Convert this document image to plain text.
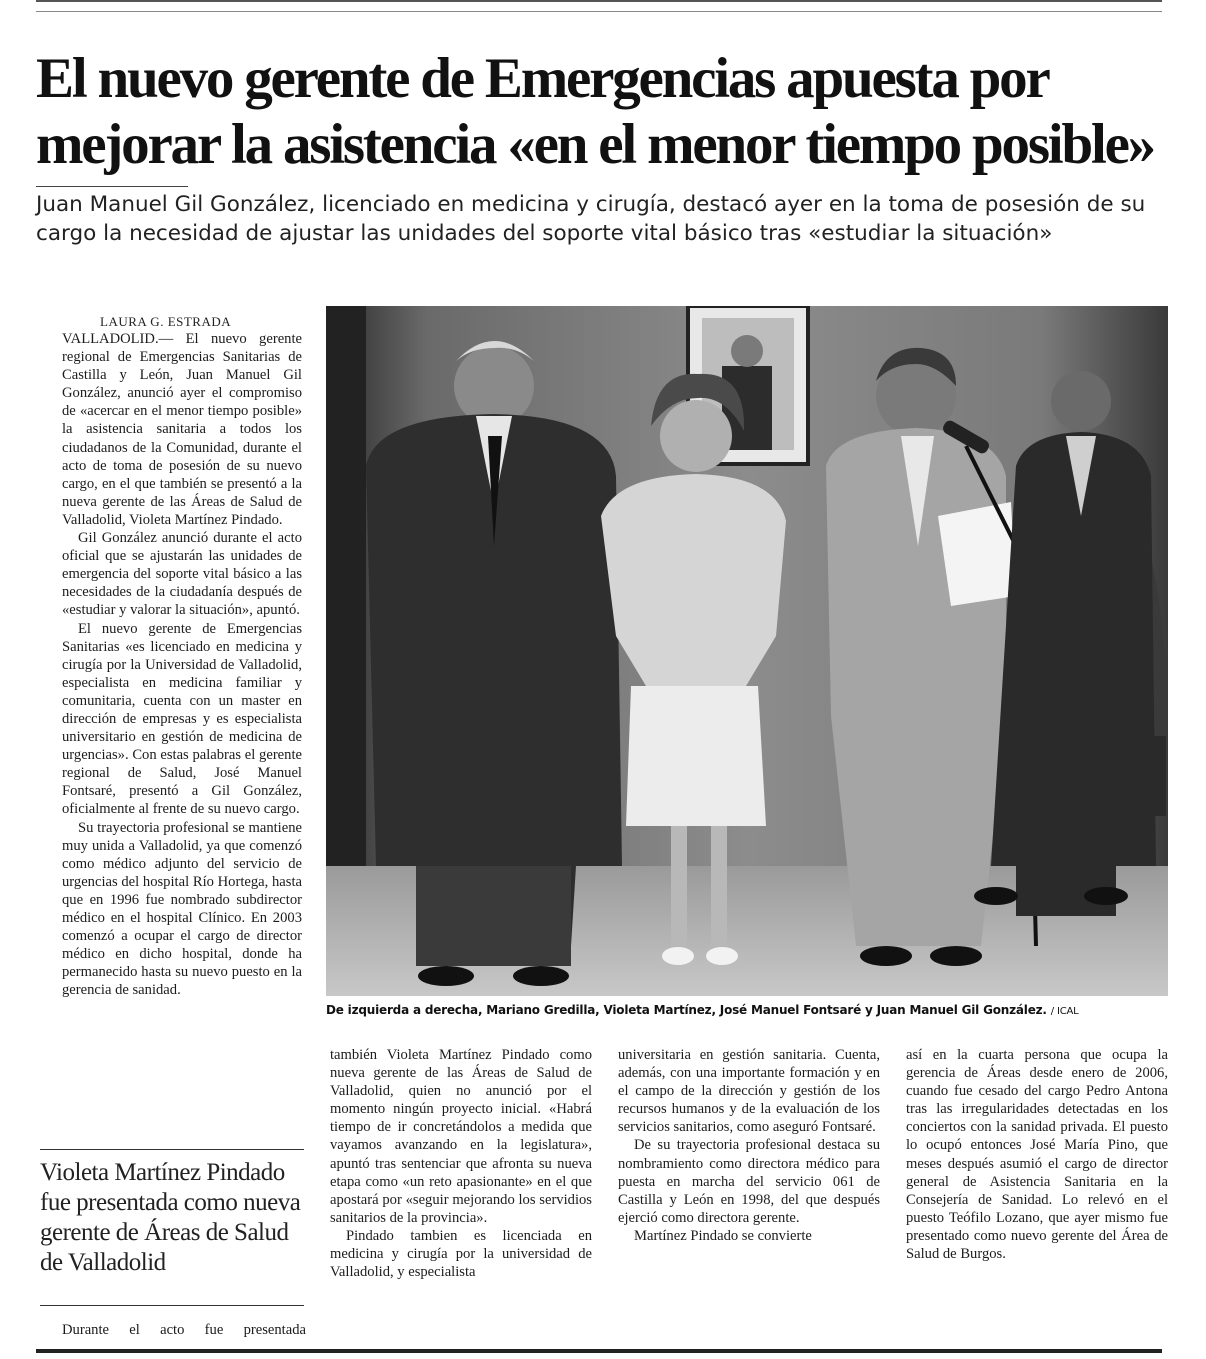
El nuevo gerente de Emergencias apuesta por mejorar la asistencia «en el menor tiempo posible»

Juan Manuel Gil González, licenciado en medicina y cirugía, destacó ayer en la toma de posesión de su cargo la necesidad de ajustar las unidades del soporte vital básico tras «estudiar la situación»

De izquierda a derecha, Mariano Gredilla, Violeta Martínez, José Manuel Fontsaré y Juan Manuel Gil González. / ICAL

LAURA G. ESTRADA

VALLADOLID.— El nuevo gerente regional de Emergencias Sanitarias de Castilla y León, Juan Manuel Gil González, anunció ayer el compromiso de «acercar en el menor tiempo posible» la asistencia sanitaria a todos los ciudadanos de la Comunidad, durante el acto de toma de posesión de su nuevo cargo, en el que también se presentó a la nueva gerente de las Áreas de Salud de Valladolid, Violeta Martínez Pindado.

Gil González anunció durante el acto oficial que se ajustarán las unidades de emergencia del soporte vital básico a las necesidades de la ciudadanía después de «estudiar y valorar la situación», apuntó.

El nuevo gerente de Emergencias Sanitarias «es licenciado en medicina y cirugía por la Universidad de Valladolid, especialista en medicina familiar y comunitaria, cuenta con un master en dirección de empresas y es especialista universitario en gestión de medicina de urgencias». Con estas palabras el gerente regional de Salud, José Manuel Fontsaré, presentó a Gil González, oficialmente al frente de su nuevo cargo.

Su trayectoria profesional se mantiene muy unida a Valladolid, ya que comenzó como médico adjunto del servicio de urgencias del hospital Río Hortega, hasta que en 1996 fue nombrado subdirector médico en el hospital Clínico. En 2003 comenzó a ocupar el cargo de director médico en dicho hospital, donde ha permanecido hasta su nuevo puesto en la gerencia de sanidad.

Violeta Martínez Pindado fue presentada como nueva gerente de Áreas de Salud de Valladolid

Durante el acto fue presentada

también Violeta Martínez Pindado como nueva gerente de las Áreas de Salud de Valladolid, quien no anunció por el momento ningún proyecto inicial. «Habrá tiempo de ir concretándolos a medida que vayamos avanzando en la legislatura», apuntó tras sentenciar que afronta su nueva etapa como «un reto apasionante» en el que apostará por «seguir mejorando los servidios sanitarios de la provincia».

Pindado tambien es licenciada en medicina y cirugía por la universidad de Valladolid, y especialista

universitaria en gestión sanitaria. Cuenta, además, con una importante formación y en el campo de la dirección y gestión de los recursos humanos y de la evaluación de los servicios sanitarios, como aseguró Fontsaré.

De su trayectoria profesional destaca su nombramiento como directora médico para puesta en marcha del servicio 061 de Castilla y León en 1998, del que después ejerció como directora gerente.

Martínez Pindado se convierte

así en la cuarta persona que ocupa la gerencia de Áreas desde enero de 2006, cuando fue cesado del cargo Pedro Antona tras las irregularidades detectadas en los conciertos con la sanidad privada. El puesto lo ocupó entonces José María Pino, que meses después asumió el cargo de director general de Asistencia Sanitaria en la Consejería de Sanidad. Lo relevó en el puesto Teófilo Lozano, que ayer mismo fue presentado como nuevo gerente del Área de Salud de Burgos.
